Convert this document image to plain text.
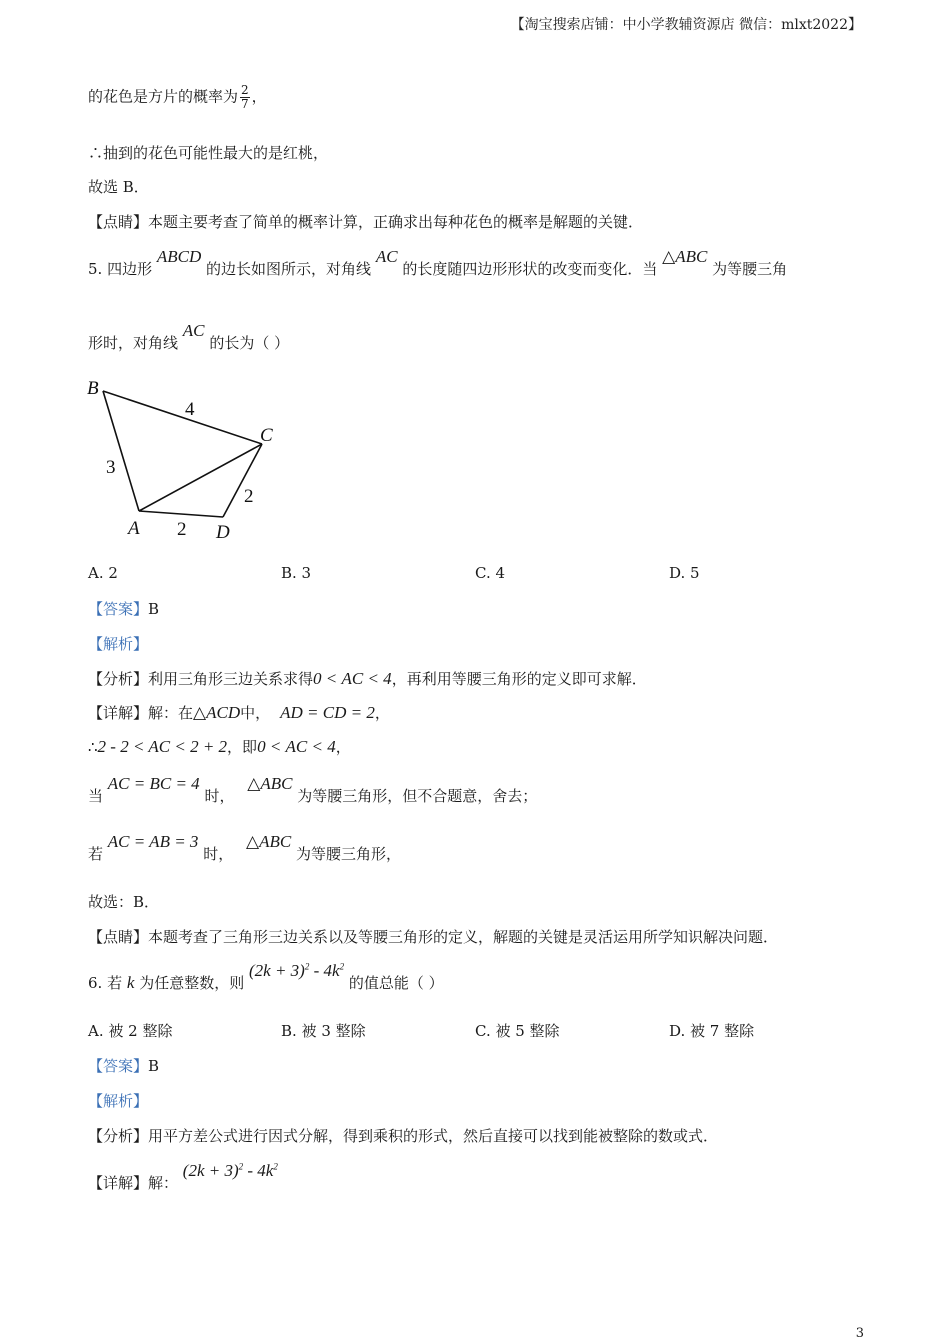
【淘宝搜索店铺：中小学教辅资源店 微信：mlxt2022】
的花色是方片的概率为 $\frac{2}{7}$ ，
∴抽到的花色可能性最大的是红桃，
故选 B．
【点睛】本题主要考查了简单的概率计算，正确求出每种花色的概率是解题的关键．
5. 四边形 ABCD 的边长如图所示，对角线 AC 的长度随四边形形状的改变而变化．当 △ABC 为等腰三角
形时，对角线 AC 的长为（ ）
B
C
A	D
4
3
2
2
A. 2	B. 3	C. 4	D. 5
【答案】B
【解析】
【分析】利用三角形三边关系求得0 < AC < 4，再利用等腰三角形的定义即可求解．
【详解】解：在△ACD中， AD = CD = 2，
∴2 - 2 < AC < 2 + 2，即0 < AC < 4，
当 AC = BC = 4 时， △ABC 为等腰三角形，但不合题意，舍去；
若 AC = AB = 3 时， △ABC 为等腰三角形，
故选：B．
【点睛】本题考查了三角形三边关系以及等腰三角形的定义，解题的关键是灵活运用所学知识解决问题．
6. 若 k 为任意整数，则 $(2k + 3)^2 - 4k^2$ 的值总能（ ）
A. 被 2 整除	B. 被 3 整除	C. 被 5 整除	D. 被 7 整除
【答案】B
【解析】
【分析】用平方差公式进行因式分解，得到乘积的形式，然后直接可以找到能被整除的数或式．
【详解】解： $(2k + 3)^2 - 4k^2$
3
